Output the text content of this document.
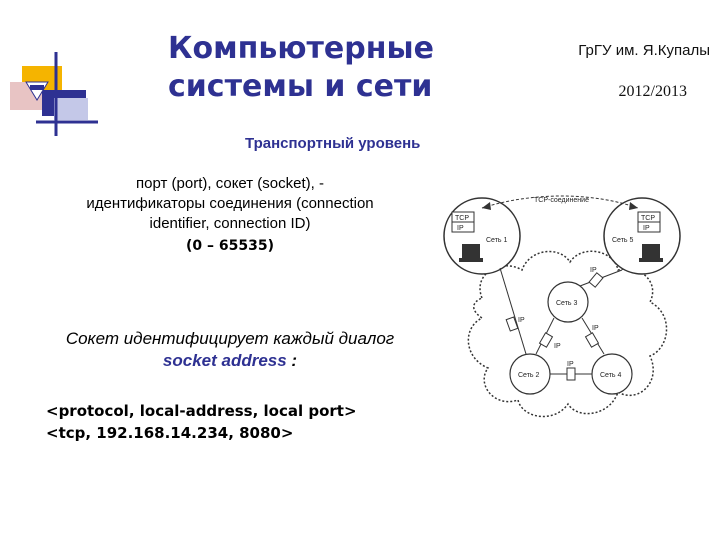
Компьютерные
системы и сети
ГрГУ им. Я.Купалы
2012/2013
Транспортный уровень
порт (port), сокет (socket), -
идентификаторы соединения (connection
identifier, connection ID)
(0 – 65535)
Сокет идентифицирует каждый диалог
socket address :
<protocol, local-address, local port>
<tcp, 192.168.14.234, 8080>
TCP-соединение
TCP
IP
TCP
IP
Сеть 1	Сеть 5
Сеть 3
Сеть 2	Сеть 4
IP
IP
IP
IP
IP
